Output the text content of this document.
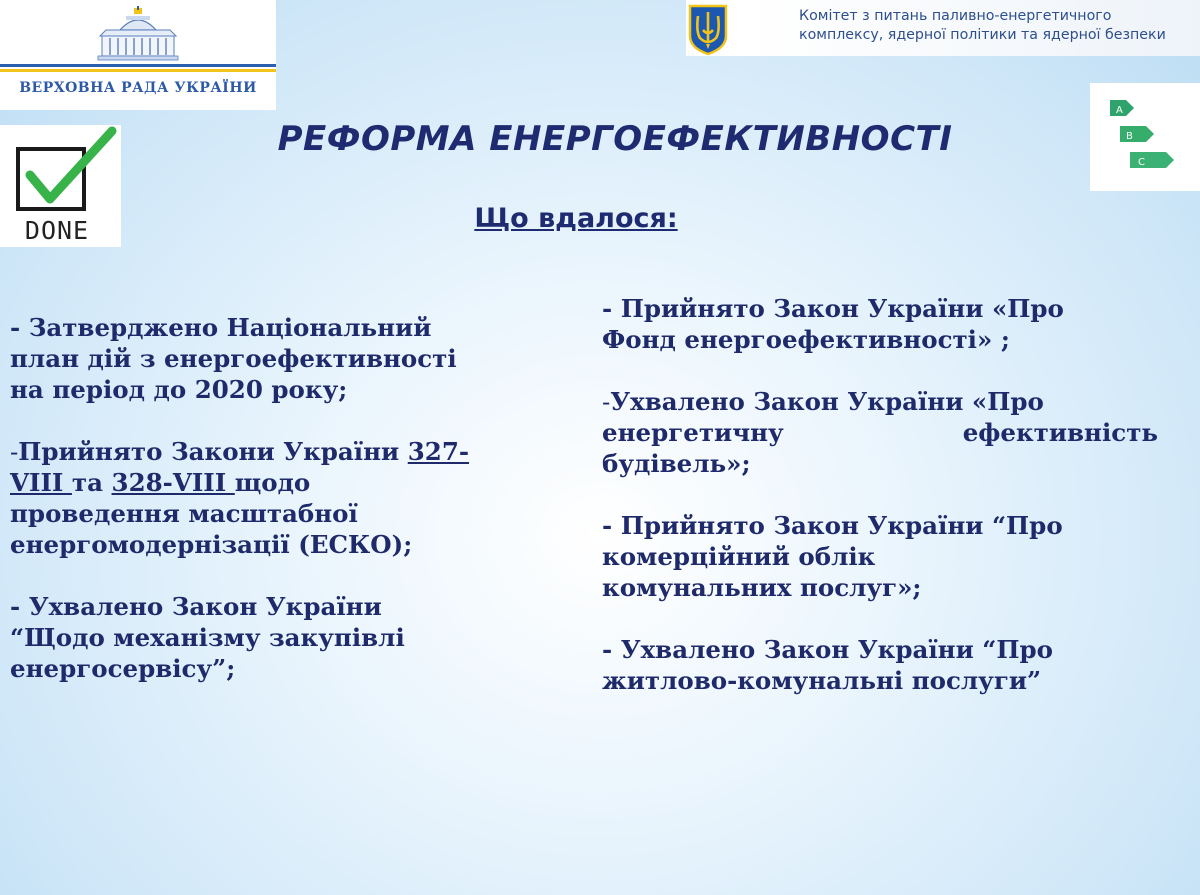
ВЕРХОВНА РАДА УКРАЇНИ
Комітет з питань паливно-енергетичного
комплексу, ядерної політики та ядерної безпеки
DONE
A
B
C
РЕФОРМА ЕНЕРГОЕФЕКТИВНОСТІ
Що вдалося:

- Затверджено Національний
план дій з енергоефективності
на період до 2020 року;

-Прийнято Закони України 327-
VIII та 328-VIII щодо
проведення масштабної
енергомодернізації (ЕСКО);

- Ухвалено Закон України
“Щодо механізму закупівлі
енергосервісу”;

- Прийнято Закон України «Про
Фонд енергоефективності» ;

-Ухвалено Закон України «Про
енергетичну ефективність
будівель»;

- Прийнято Закон України “Про
комерційний облік
комунальних послуг»;

- Ухвалено Закон України “Про
житлово-комунальні послуги”
